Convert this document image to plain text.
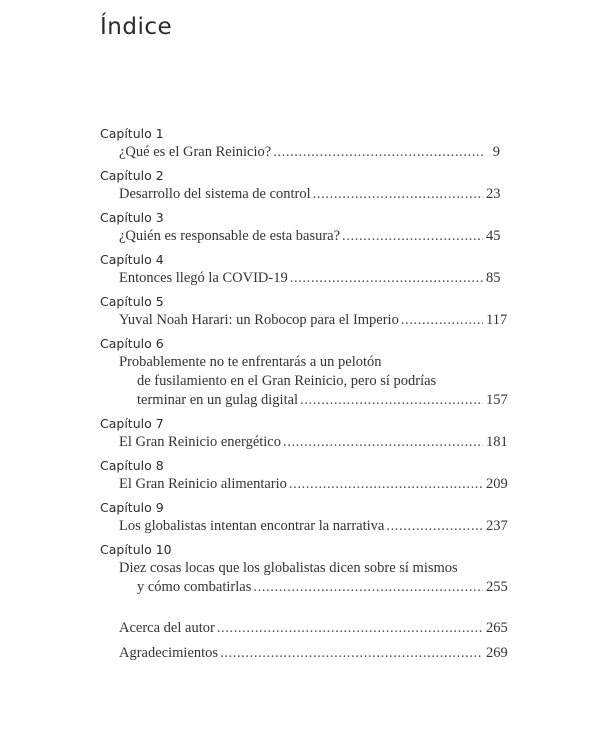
Índice
Capítulo 1
¿Qué es el Gran Reinicio? .....	9
Capítulo 2
Desarrollo del sistema de control .....	23
Capítulo 3
¿Quién es responsable de esta basura? .....	45
Capítulo 4
Entonces llegó la COVID-19 .....	85
Capítulo 5
Yuval Noah Harari: un Robocop para el Imperio .....	117
Capítulo 6
Probablemente no te enfrentarás a un pelotón
de fusilamiento en el Gran Reinicio, pero sí podrías
terminar en un gulag digital .....	157
Capítulo 7
El Gran Reinicio energético .....	181
Capítulo 8
El Gran Reinicio alimentario .....	209
Capítulo 9
Los globalistas intentan encontrar la narrativa .....	237
Capítulo 10
Diez cosas locas que los globalistas dicen sobre sí mismos
y cómo combatirlas .....	255
Acerca del autor .....	265
Agradecimientos .....	269
